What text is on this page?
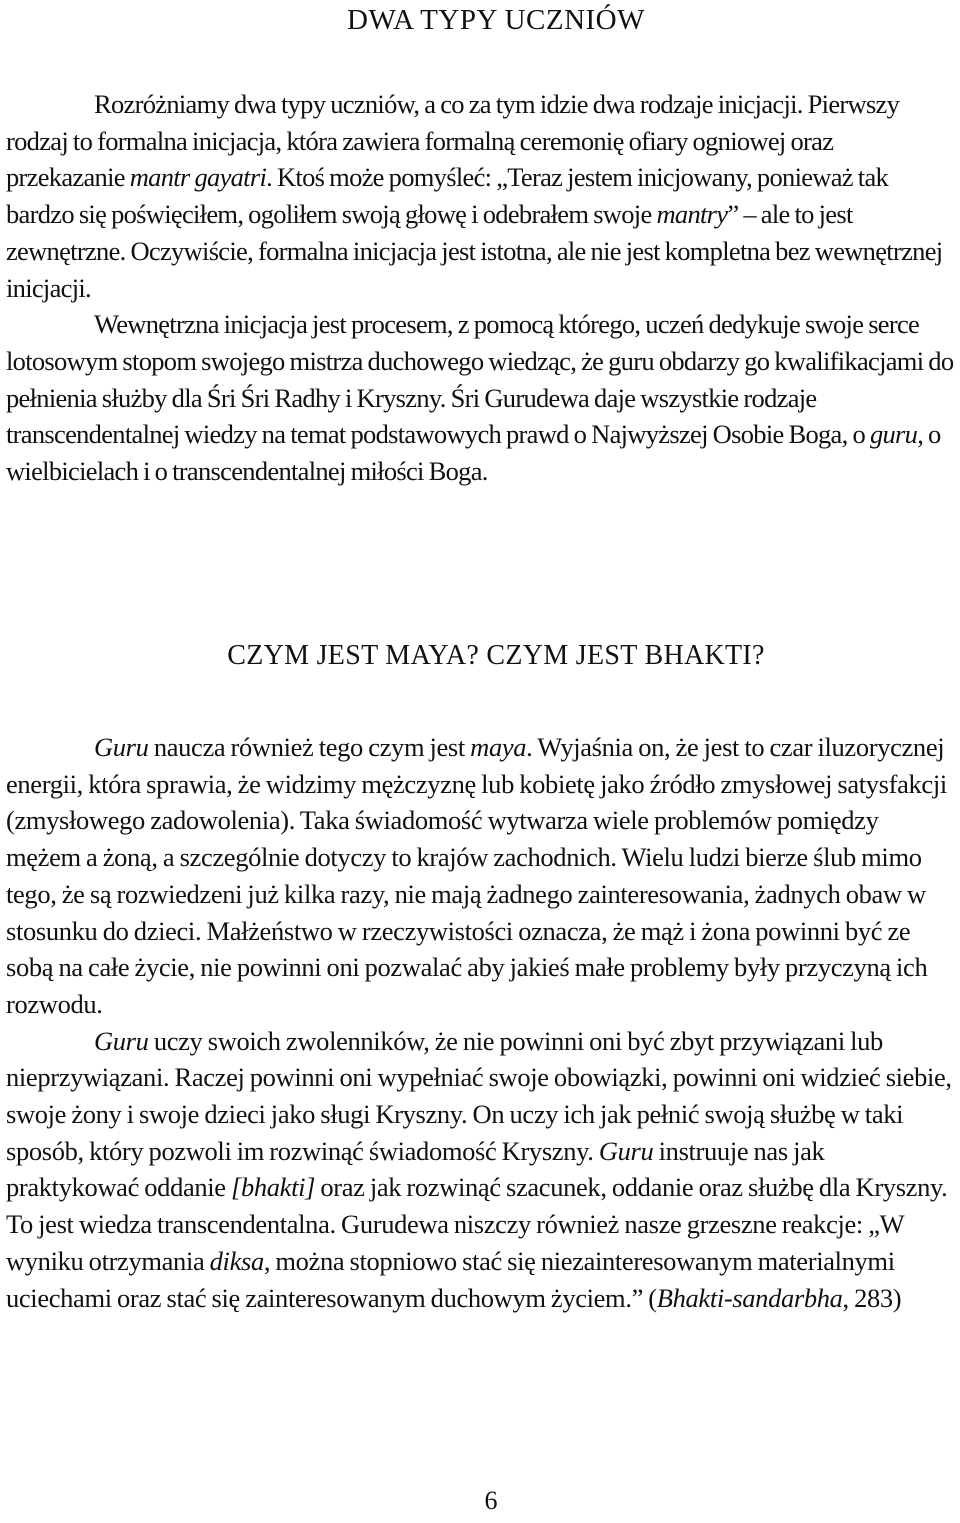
DWA TYPY UCZNIÓW

Rozróżniamy dwa typy uczniów, a co za tym idzie dwa rodzaje inicjacji. Pierwszy rodzaj to formalna inicjacja, która zawiera formalną ceremonię ofiary ogniowej oraz przekazanie mantr gayatri. Ktoś może pomyśleć: „Teraz jestem inicjowany, ponieważ tak bardzo się poświęciłem, ogoliłem swoją głowę i odebrałem swoje mantry” – ale to jest zewnętrzne. Oczywiście, formalna inicjacja jest istotna, ale nie jest kompletna bez wewnętrznej inicjacji.

Wewnętrzna inicjacja jest procesem, z pomocą którego, uczeń dedykuje swoje serce lotosowym stopom swojego mistrza duchowego wiedząc, że guru obdarzy go kwalifikacjami do pełnienia służby dla Śri Śri Radhy i Kryszny. Śri Gurudewa daje wszystkie rodzaje transcendentalnej wiedzy na temat podstawowych prawd o Najwyższej Osobie Boga, o guru, o wielbicielach i o transcendentalnej miłości Boga.

CZYM JEST MAYA? CZYM JEST BHAKTI?

Guru naucza również tego czym jest maya. Wyjaśnia on, że jest to czar iluzorycznej energii, która sprawia, że widzimy mężczyznę lub kobietę jako źródło zmysłowej satysfakcji (zmysłowego zadowolenia). Taka świadomość wytwarza wiele problemów pomiędzy mężem a żoną, a szczególnie dotyczy to krajów zachodnich. Wielu ludzi bierze ślub mimo tego, że są rozwiedzeni już kilka razy, nie mają żadnego zainteresowania, żadnych obaw w stosunku do dzieci. Małżeństwo w rzeczywistości oznacza, że mąż i żona powinni być ze sobą na całe życie, nie powinni oni pozwalać aby jakieś małe problemy były przyczyną ich rozwodu.

Guru uczy swoich zwolenników, że nie powinni oni być zbyt przywiązani lub nieprzywiązani. Raczej powinni oni wypełniać swoje obowiązki, powinni oni widzieć siebie, swoje żony i swoje dzieci jako sługi Kryszny. On uczy ich jak pełnić swoją służbę w taki sposób, który pozwoli im rozwinąć świadomość Kryszny. Guru instruuje nas jak praktykować oddanie [bhakti] oraz jak rozwinąć szacunek, oddanie oraz służbę dla Kryszny. To jest wiedza transcendentalna. Gurudewa niszczy również nasze grzeszne reakcje: „W wyniku otrzymania diksa, można stopniowo stać się niezainteresowanym materialnymi uciechami oraz stać się zainteresowanym duchowym życiem.” (Bhakti-sandarbha, 283)

6
